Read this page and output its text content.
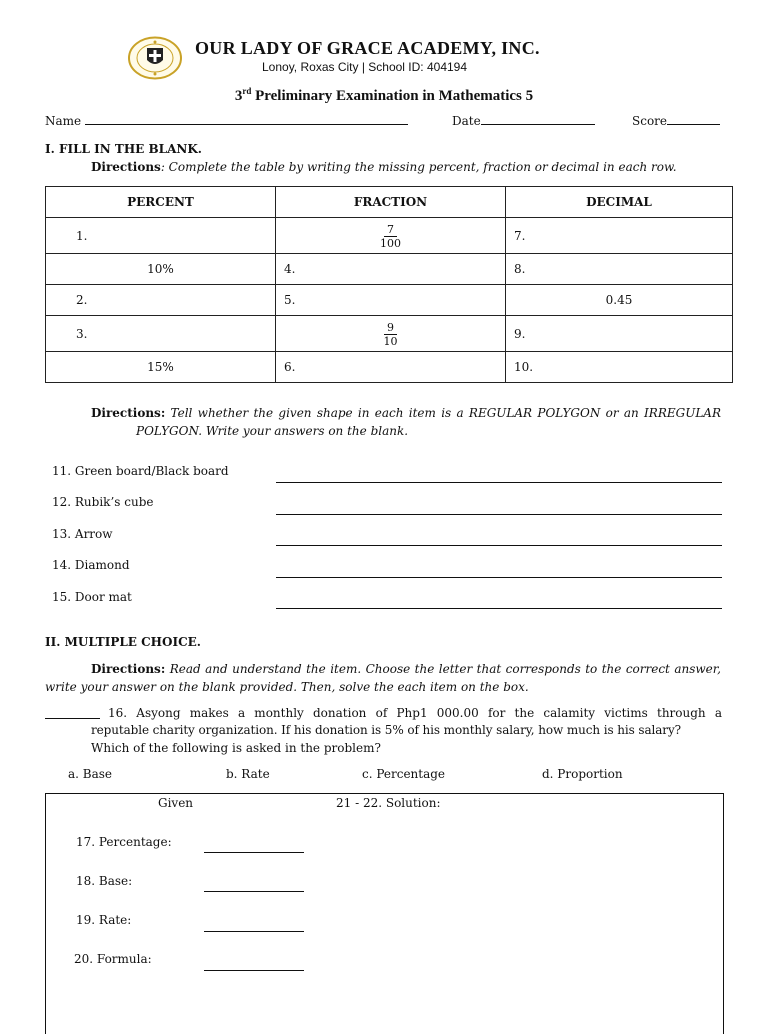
OUR LADY OF GRACE ACADEMY, INC.
Lonoy, Roxas City | School ID: 404194
3rd Preliminary Examination in Mathematics 5
Name	Date	Score
I. FILL IN THE BLANK.
Directions: Complete the table by writing the missing percent, fraction or decimal in each row.
PERCENT	FRACTION	DECIMAL
1.	$\frac{7}{100}$	7.
10%	4.	8.
2.	5.	0.45
3.	$\frac{9}{10}$	9.
15%	6.	10.
Directions: Tell whether the given shape in each item is a REGULAR POLYGON or an IRREGULAR
POLYGON. Write your answers on the blank.
11. Green board/Black board
12. Rubik’s cube
13. Arrow
14. Diamond
15. Door mat
II. MULTIPLE CHOICE.
Directions: Read and understand the item. Choose the letter that corresponds to the correct answer,
write your answer on the blank provided. Then, solve the each item on the box.
16. Asyong makes a monthly donation of Php1 000.00 for the calamity victims through a
reputable charity organization. If his donation is 5% of his monthly salary, how much is his salary?
Which of the following is asked in the problem?
a. Base	b. Rate	c. Percentage	d. Proportion
Given	21 - 22. Solution:
17. Percentage:
18. Base:
19. Rate:
20. Formula:
